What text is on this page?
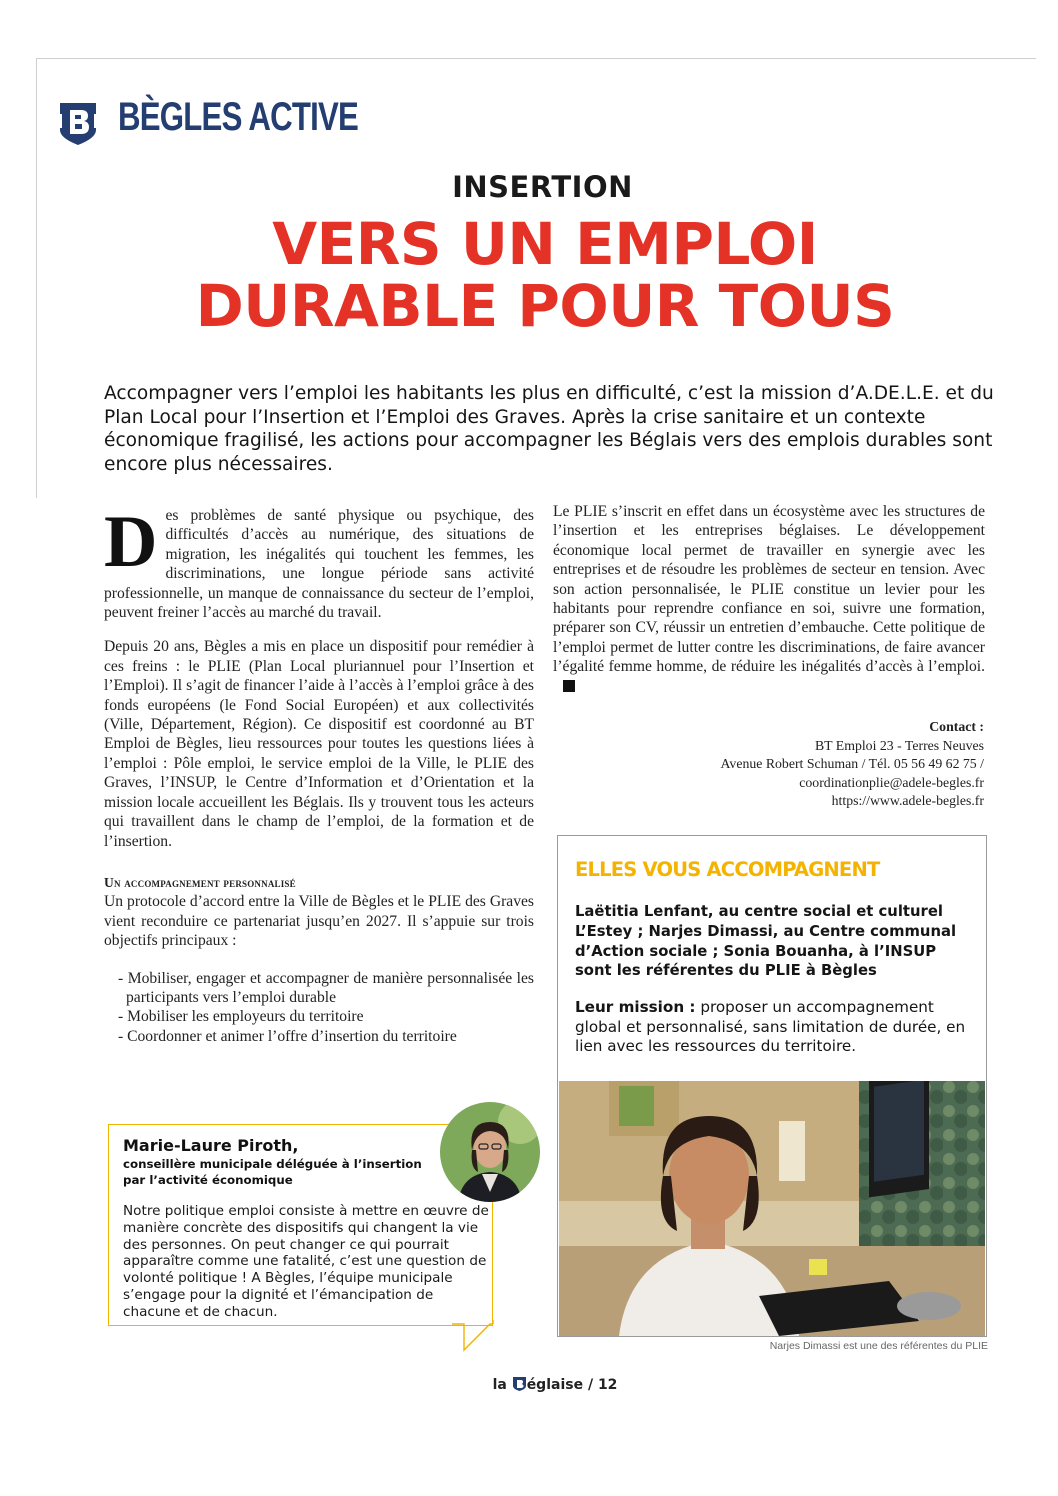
BÈGLES ACTIVE
INSERTION
VERS UN EMPLOI
DURABLE POUR TOUS
Accompagner vers l’emploi les habitants les plus en difficulté, c’est la mission d’A.DE.L.E. et du Plan Local pour l’Insertion et l’Emploi des Graves. Après la crise sanitaire et un contexte économique fragilisé, les actions pour accompagner les Béglais vers des emplois durables sont encore plus nécessaires.

Des problèmes de santé physique ou psychique, des difficultés d’accès au numérique, des situations de migration, les inégalités qui touchent les femmes, les discriminations, une longue période sans activité professionnelle, un manque de connaissance du secteur de l’emploi, peuvent freiner l’accès au marché du travail.

Depuis 20 ans, Bègles a mis en place un dispositif pour remédier à ces freins : le PLIE (Plan Local pluriannuel pour l’Insertion et l’Emploi). Il s’agit de financer l’aide à l’accès à l’emploi grâce à des fonds européens (le Fond Social Européen) et aux collectivités (Ville, Département, Région). Ce dispositif est coordonné au BT Emploi de Bègles, lieu ressources pour toutes les questions liées à l’emploi : Pôle emploi, le service emploi de la Ville, le PLIE des Graves, l’INSUP, le Centre d’Information et d’Orientation et la mission locale accueillent les Béglais. Ils y trouvent tous les acteurs qui travaillent dans le champ de l’emploi, de la formation et de l’insertion.

Un accompagnement personnalisé

Un protocole d’accord entre la Ville de Bègles et le PLIE des Graves vient reconduire ce partenariat jusqu’en 2027. Il s’appuie sur trois objectifs principaux :

- Mobiliser, engager et accompagner de manière personnalisée les participants vers l’emploi durable
- Mobiliser les employeurs du territoire
- Coordonner et animer l’offre d’insertion du territoire

Le PLIE s’inscrit en effet dans un écosystème avec les structures de l’insertion et les entreprises béglaises. Le développement économique local permet de travailler en synergie avec les entreprises et de résoudre les problèmes de secteur en tension. Avec son action personnalisée, le PLIE constitue un levier pour les habitants pour reprendre confiance en soi, suivre une formation, préparer son CV, réussir un entretien d’embauche. Cette politique de l’emploi permet de lutter contre les discriminations, de faire avancer l’égalité femme homme, de réduire les inégalités d’accès à l’emploi.

Contact :
BT Emploi 23 - Terres Neuves
Avenue Robert Schuman / Tél. 05 56 49 62 75 /
coordinationplie@adele-begles.fr
https://www.adele-begles.fr
ELLES VOUS ACCOMPAGNENT
Laëtitia Lenfant, au centre social et culturel L’Estey ; Narjes Dimassi, au Centre communal d’Action sociale ; Sonia Bouanha, à l’INSUP sont les référentes du PLIE à Bègles
Leur mission : proposer un accompagnement global et personnalisé, sans limitation de durée, en lien avec les ressources du territoire.
Narjes Dimassi est une des référentes du PLIE
Marie-Laure Piroth,
conseillère municipale déléguée à l’insertion par l’activité économique
Notre politique emploi consiste à mettre en œuvre de manière concrète des dispositifs qui changent la vie des personnes. On peut changer ce qui pourrait apparaître comme une fatalité, c’est une question de volonté politique ! A Bègles, l’équipe municipale s’engage pour la dignité et l’émancipation de chacune et de chacun.
la églaise / 12
